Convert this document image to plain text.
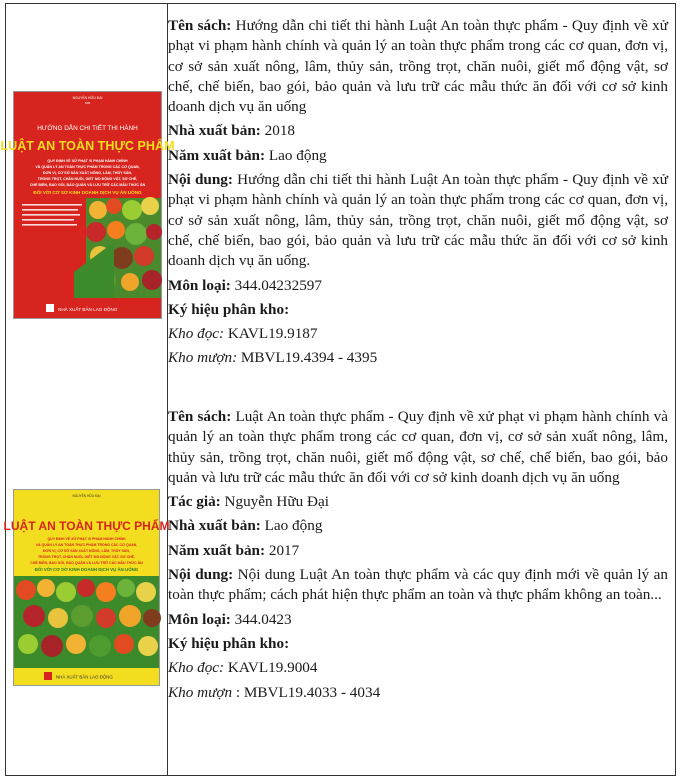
NGUYỄN HỮU ĐẠI
NXB
HƯỚNG DẪN CHI TIẾT THI HÀNH
LUẬT AN TOÀN THỰC PHẨM
QUY ĐỊNH VỀ XỬ PHẠT VI PHẠM HÀNH CHÍNH
VÀ QUẢN LÝ AN TOÀN THỰC PHẨM TRONG CÁC CƠ QUAN,
ĐƠN VỊ, CƠ SỞ SẢN XUẤT NÔNG, LÂM, THỦY SẢN,
TRỒNG TRỌT, CHĂN NUÔI, GIẾT MỔ ĐỘNG VẬT, SƠ CHẾ,
CHẾ BIẾN, BAO GÓI, BẢO QUẢN VÀ LƯU TRỮ CÁC MẪU THỨC ĂN
ĐỐI VỚI CƠ SỞ KINH DOANH DỊCH VỤ ĂN UỐNG
NHÀ XUẤT BẢN LAO ĐỘNG
NGUYỄN HỮU ĐẠI
LUẬT AN TOÀN THỰC PHẨM
QUY ĐỊNH VỀ XỬ PHẠT VI PHẠM HÀNH CHÍNH
VÀ QUẢN LÝ AN TOÀN THỰC PHẨM TRONG CÁC CƠ QUAN,
ĐƠN VỊ, CƠ SỞ SẢN XUẤT NÔNG, LÂM, THỦY SẢN,
TRỒNG TRỌT, CHĂN NUÔI, GIẾT MỔ ĐỘNG VẬT, SƠ CHẾ,
CHẾ BIẾN, BAO GÓI, BẢO QUẢN VÀ LƯU TRỮ CÁC MẪU THỨC ĂN
ĐỐI VỚI CƠ SỞ KINH DOANH DỊCH VỤ ĂN UỐNG
NHÀ XUẤT BẢN LAO ĐỘNG

Tên sách: Hướng dẫn chi tiết thi hành Luật An toàn thực phẩm - Quy định về xử phạt vi phạm hành chính và quản lý an toàn thực phẩm trong các cơ quan, đơn vị, cơ sở sản xuất nông, lâm, thủy sản, trồng trọt, chăn nuôi, giết mổ động vật, sơ chế, chế biến, bao gói, bảo quản và lưu trữ các mẫu thức ăn đối với cơ sở kinh doanh dịch vụ ăn uống

Nhà xuất bản: 2018

Năm xuất bản: Lao động

Nội dung: Hướng dẫn chi tiết thi hành Luật An toàn thực phẩm - Quy định về xử phạt vi phạm hành chính và quản lý an toàn thực phẩm trong các cơ quan, đơn vị, cơ sở sản xuất nông, lâm, thủy sản, trồng trọt, chăn nuôi, giết mổ động vật, sơ chế, chế biến, bao gói, bảo quản và lưu trữ các mẫu thức ăn đối với cơ sở kinh doanh dịch vụ ăn uống.

Môn loại: 344.04232597

Ký hiệu phân kho:

Kho đọc: KAVL19.9187

Kho mượn: MBVL19.4394 - 4395

Tên sách: Luật An toàn thực phẩm - Quy định về xử phạt vi phạm hành chính và quản lý an toàn thực phẩm trong các cơ quan, đơn vị, cơ sở sản xuất nông, lâm, thủy sản, trồng trọt, chăn nuôi, giết mổ động vật, sơ chế, chế biến, bao gói, bảo quản và lưu trữ các mẫu thức ăn đối với cơ sở kinh doanh dịch vụ ăn uống

Tác giả: Nguyễn Hữu Đại

Nhà xuất bản: Lao động

Năm xuất bản: 2017

Nội dung: Nội dung Luật An toàn thực phẩm và các quy định mới về quản lý an toàn thực phẩm; cách phát hiện thực phẩm an toàn và thực phẩm không an toàn...

Môn loại: 344.0423

Ký hiệu phân kho:

Kho đọc: KAVL19.9004

Kho mượn : MBVL19.4033 - 4034
